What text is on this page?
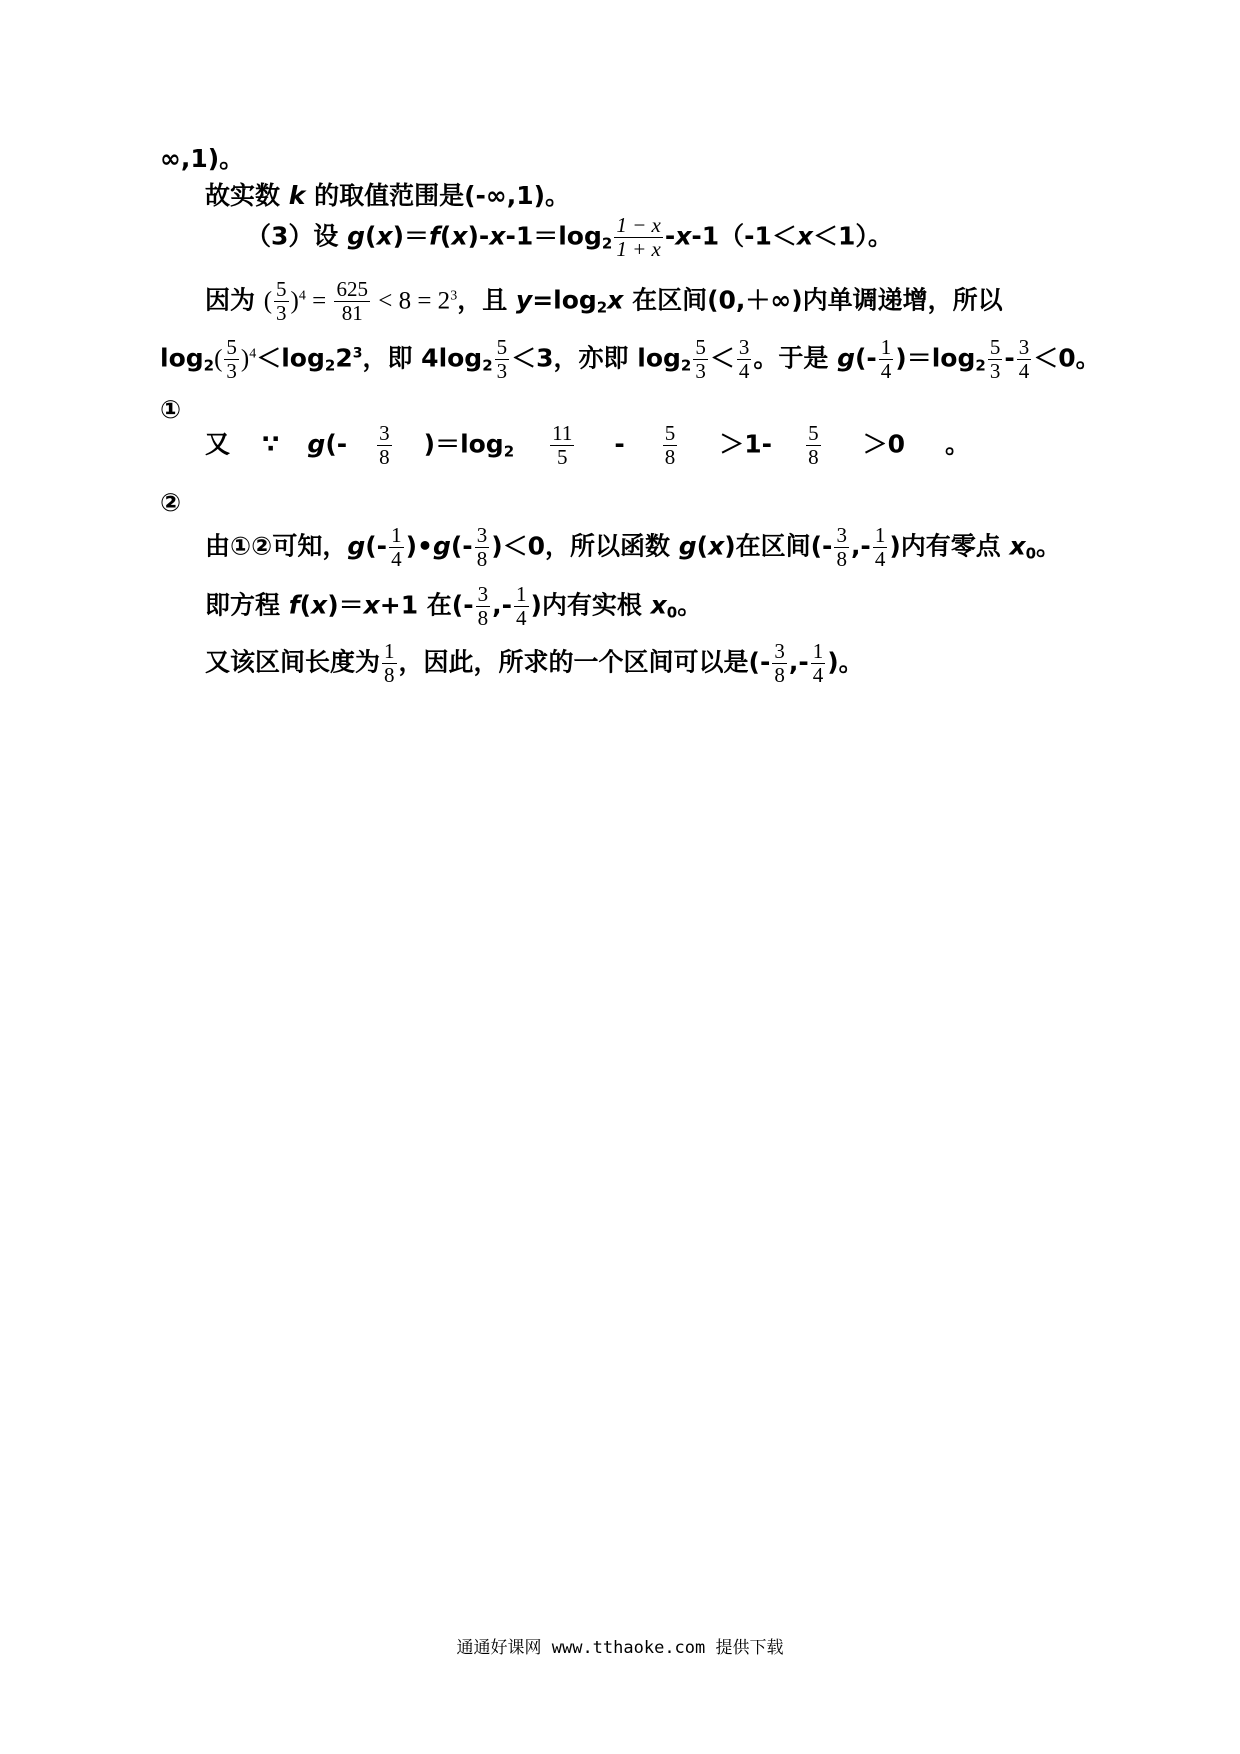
∞,1)。
故实数 k 的取值范围是(-∞,1)。
（3）设 $g(x)=f(x)-x-1=\log_2 \frac{1 - x}{1 + x} -x-1(-1<x<1)$。
因为 ( $\frac{5}{3} )^4 = \frac{625}{81} < 8 = 2^3$，且 $y=\log_2x$ 在区间(0,＋∞)内单调递增，所以
$\log_2( \frac{5}{3} )^4<\log_22^3$，即 $4\log_2 \frac{5}{3} <3$，亦即 $\log_2 \frac{5}{3} < \frac{3}{4}$ 。于是 $g(- \frac{1}{4} )=\log_2 \frac{5}{3} - \frac{3}{4} <0$。
①
又 ∵ $g(- \frac{3}{8} )=\log_2 \frac{11}{5} - \frac{5}{8} >1- \frac{5}{8} >0$ 。
②
由①②可知，$g(- \frac{1}{4}$ )•g(- $\frac{3}{8} )<0$，所以函数 g(x)在区间(- $\frac{3}{8}$ ,- $\frac{1}{4}$ )内有零点 $x_0$。
即方程 f(x)＝x+1 在(- $\frac{3}{8}$ ,- $\frac{1}{4}$ )内有实根 $x_0$。
又该区间长度为 $\frac{1}{8}$ ，因此，所求的一个区间可以是(- $\frac{3}{8}$ ,- $\frac{1}{4}$ )。
通通好课网 www.tthaoke.com 提供下载
